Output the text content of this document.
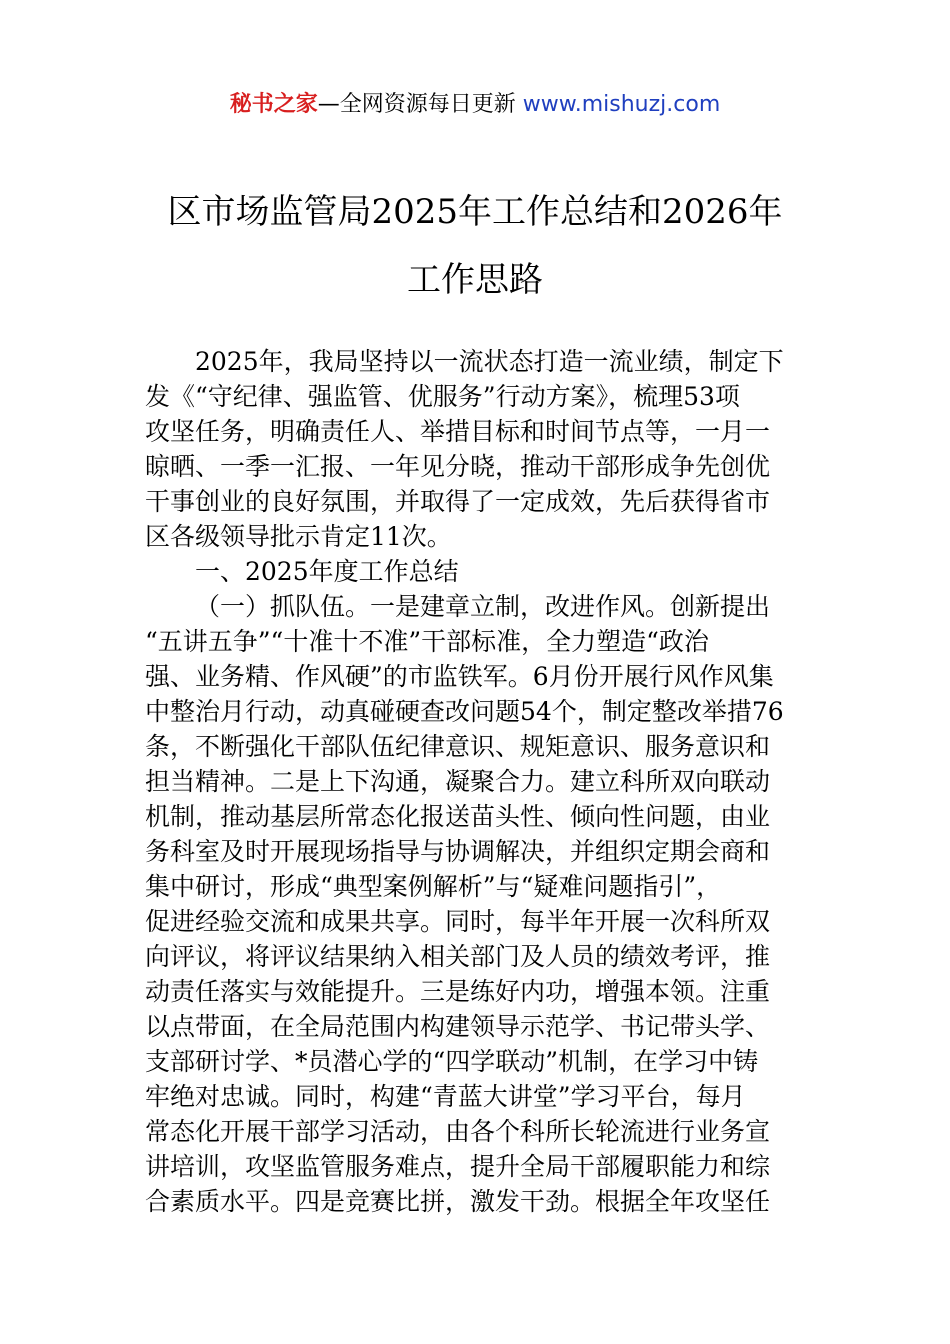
秘书之家—全网资源每日更新 www.mishuzj.com
区市场监管局2025年工作总结和2026年
工作思路

2025年，我局坚持以一流状态打造一流业绩，制定下
发《“守纪律、强监管、优服务”行动方案》，梳理53项
攻坚任务，明确责任人、举措目标和时间节点等，一月一
晾晒、一季一汇报、一年见分晓，推动干部形成争先创优
干事创业的良好氛围，并取得了一定成效，先后获得省市
区各级领导批示肯定11次。

一、2025年度工作总结

（一）抓队伍。一是建章立制，改进作风。创新提出
“五讲五争”“十准十不准”干部标准，全力塑造“政治
强、业务精、作风硬”的市监铁军。6月份开展行风作风集
中整治月行动，动真碰硬查改问题54个，制定整改举措76
条，不断强化干部队伍纪律意识、规矩意识、服务意识和
担当精神。二是上下沟通，凝聚合力。建立科所双向联动
机制，推动基层所常态化报送苗头性、倾向性问题，由业
务科室及时开展现场指导与协调解决，并组织定期会商和
集中研讨，形成“典型案例解析”与“疑难问题指引”，
促进经验交流和成果共享。同时，每半年开展一次科所双
向评议，将评议结果纳入相关部门及人员的绩效考评，推
动责任落实与效能提升。三是练好内功，增强本领。注重
以点带面，在全局范围内构建领导示范学、书记带头学、
支部研讨学、*员潜心学的“四学联动”机制，在学习中铸
牢绝对忠诚。同时，构建“青蓝大讲堂”学习平台，每月
常态化开展干部学习活动，由各个科所长轮流进行业务宣
讲培训，攻坚监管服务难点，提升全局干部履职能力和综
合素质水平。四是竞赛比拼，激发干劲。根据全年攻坚任
